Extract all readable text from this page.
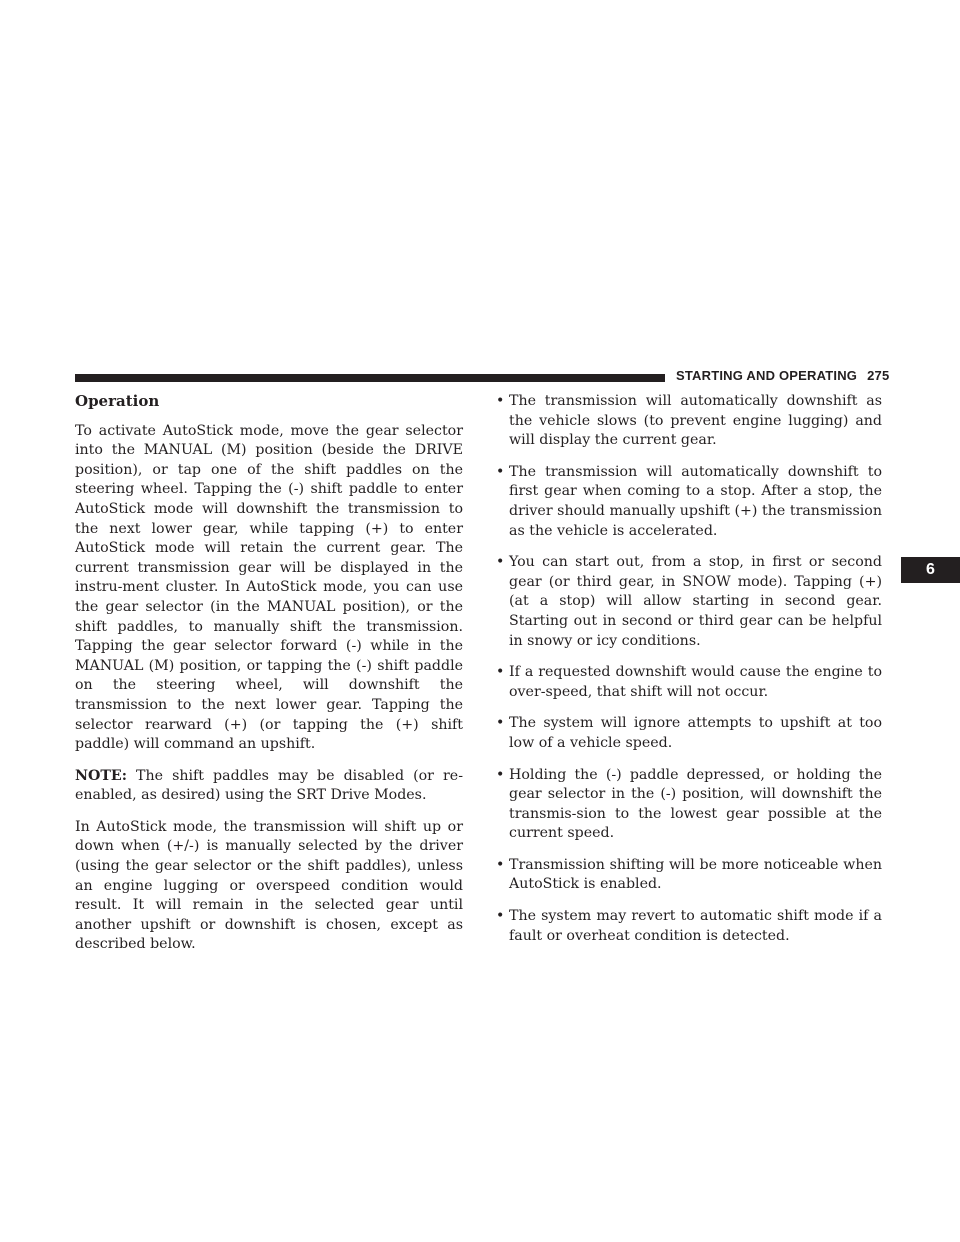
STARTING AND OPERATING 275
6
Operation

To activate AutoStick mode, move the gear selector into the MANUAL (M) position (beside the DRIVE position), or tap one of the shift paddles on the steering wheel. Tapping the (-) shift paddle to enter AutoStick mode will downshift the transmission to the next lower gear, while tapping (+) to enter AutoStick mode will retain the current gear. The current transmission gear will be displayed in the instru-ment cluster. In AutoStick mode, you can use the gear selector (in the MANUAL position), or the shift paddles, to manually shift the transmission. Tapping the gear selector forward (-) while in the MANUAL (M) position, or tapping the (-) shift paddle on the steering wheel, will downshift the transmission to the next lower gear. Tapping the selector rearward (+) (or tapping the (+) shift paddle) will command an upshift.

NOTE: The shift paddles may be disabled (or re-enabled, as desired) using the SRT Drive Modes.

In AutoStick mode, the transmission will shift up or down when (+/-) is manually selected by the driver (using the gear selector or the shift paddles), unless an engine lugging or overspeed condition would result. It will remain in the selected gear until another upshift or downshift is chosen, except as described below.

• The transmission will automatically downshift as the vehicle slows (to prevent engine lugging) and will display the current gear.
• The transmission will automatically downshift to first gear when coming to a stop. After a stop, the driver should manually upshift (+) the transmission as the vehicle is accelerated.
• You can start out, from a stop, in first or second gear (or third gear, in SNOW mode). Tapping (+) (at a stop) will allow starting in second gear. Starting out in second or third gear can be helpful in snowy or icy conditions.
• If a requested downshift would cause the engine to over-speed, that shift will not occur.
• The system will ignore attempts to upshift at too low of a vehicle speed.
• Holding the (-) paddle depressed, or holding the gear selector in the (-) position, will downshift the transmis-sion to the lowest gear possible at the current speed.
• Transmission shifting will be more noticeable when AutoStick is enabled.
• The system may revert to automatic shift mode if a fault or overheat condition is detected.
